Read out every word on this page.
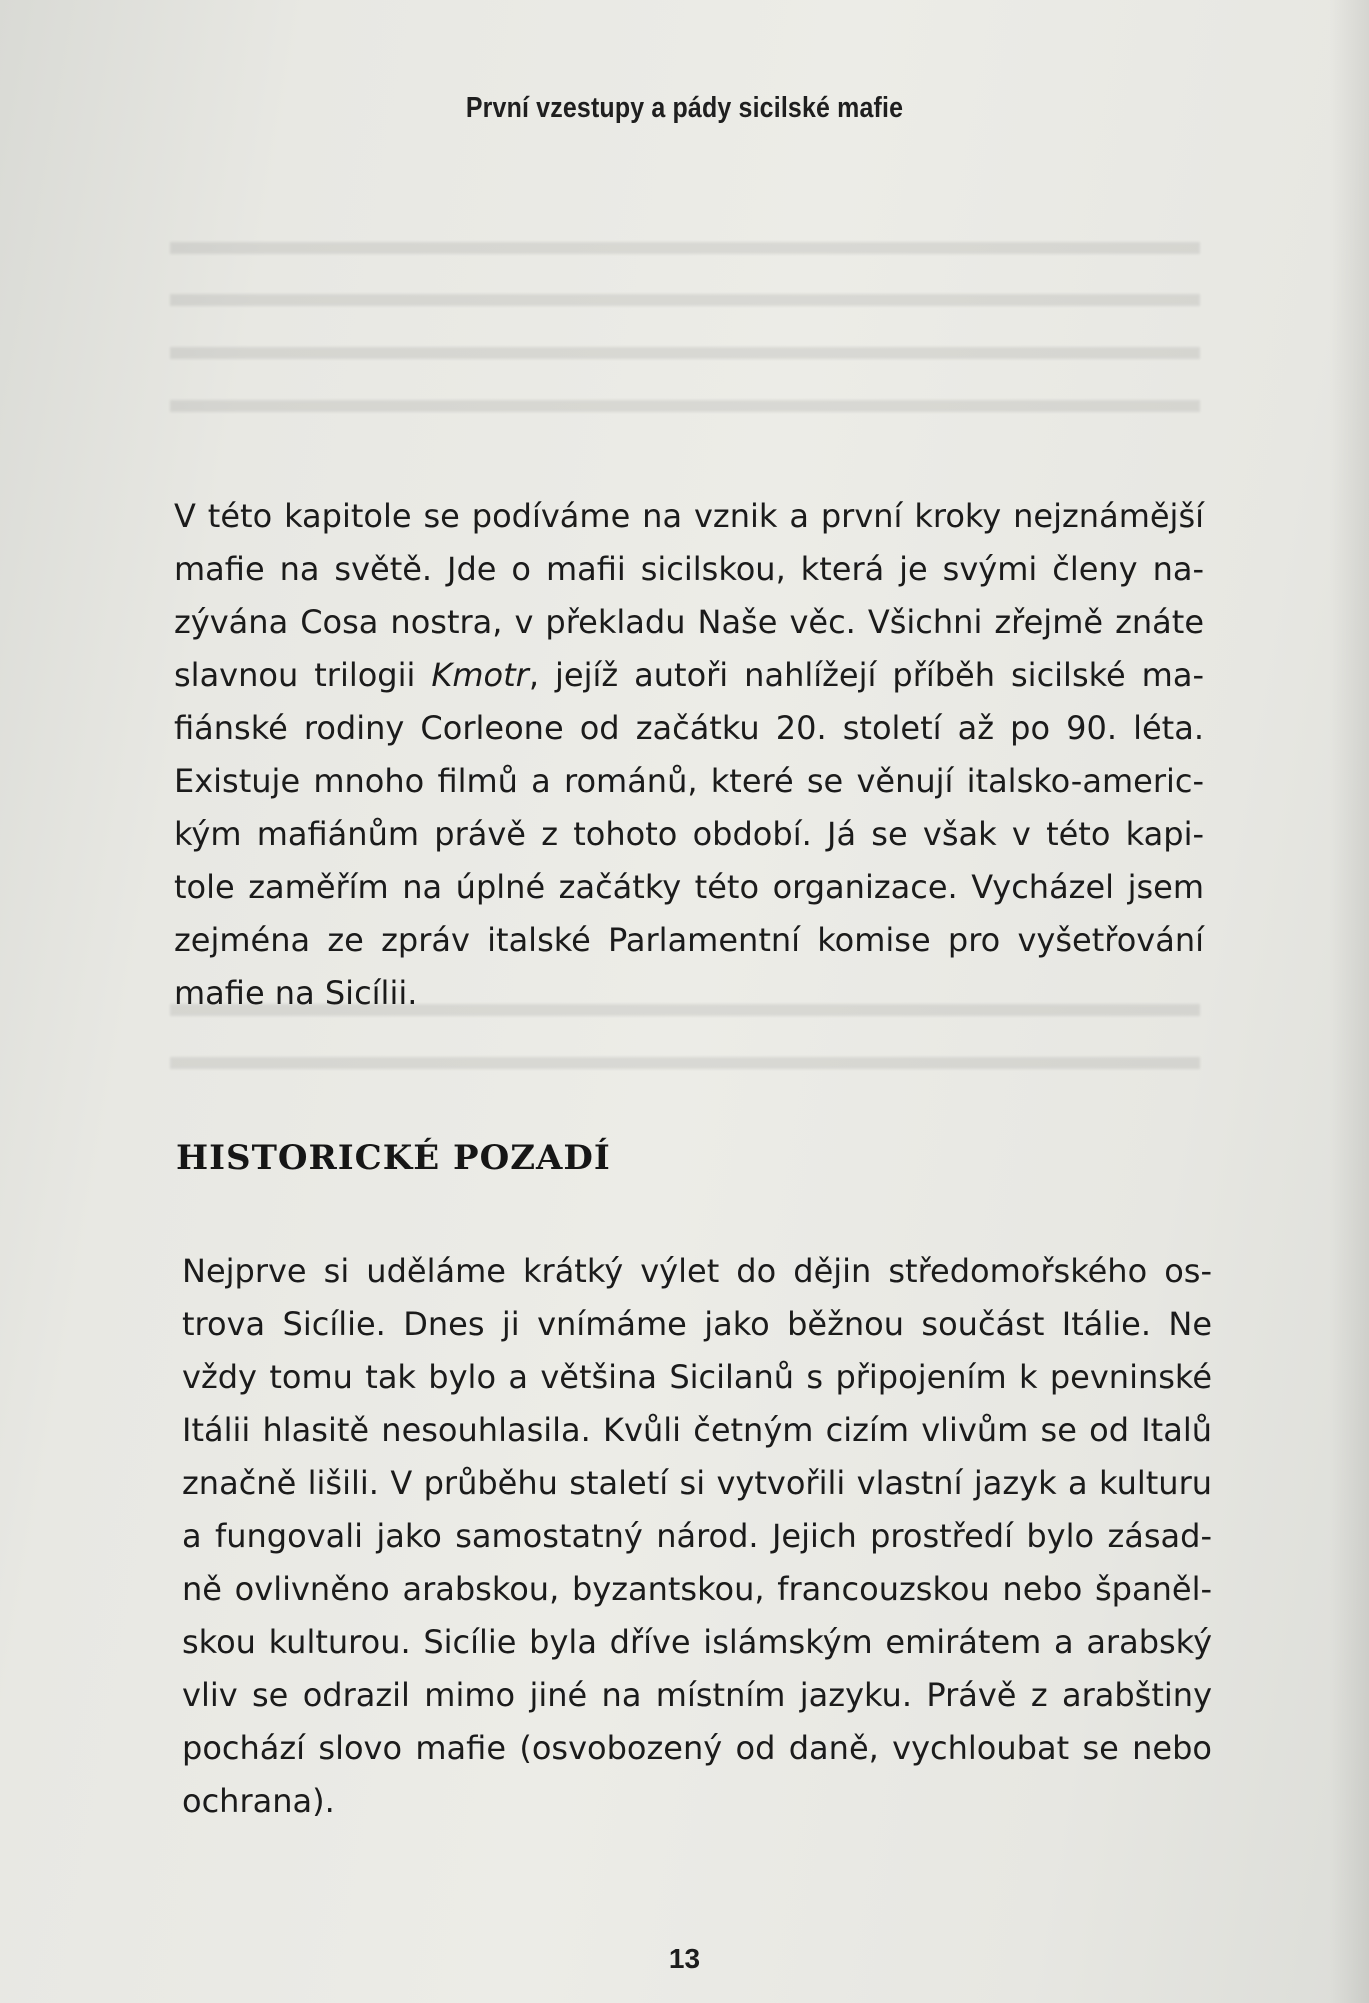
První vzestupy a pády sicilské mafie
V této kapitole se podíváme na vznik a první kroky nejznámější
mafie na světě. Jde o mafii sicilskou, která je svými členy na-
zývána Cosa nostra, v překladu Naše věc. Všichni zřejmě znáte
slavnou trilogii Kmotr, jejíž autoři nahlížejí příběh sicilské ma-
fiánské rodiny Corleone od začátku 20. století až po 90. léta.
Existuje mnoho filmů a románů, které se věnují italsko-americ-
kým mafiánům právě z tohoto období. Já se však v této kapi-
tole zaměřím na úplné začátky této organizace. Vycházel jsem
zejména ze zpráv italské Parlamentní komise pro vyšetřování
mafie na Sicílii.
HISTORICKÉ POZADÍ
Nejprve si uděláme krátký výlet do dějin středomořského os-
trova Sicílie. Dnes ji vnímáme jako běžnou součást Itálie. Ne
vždy tomu tak bylo a většina Sicilanů s připojením k pevninské
Itálii hlasitě nesouhlasila. Kvůli četným cizím vlivům se od Italů
značně lišili. V průběhu staletí si vytvořili vlastní jazyk a kulturu
a fungovali jako samostatný národ. Jejich prostředí bylo zásad-
ně ovlivněno arabskou, byzantskou, francouzskou nebo španěl-
skou kulturou. Sicílie byla dříve islámským emirátem a arabský
vliv se odrazil mimo jiné na místním jazyku. Právě z arabštiny
pochází slovo mafie (osvobozený od daně, vychloubat se nebo
ochrana).
13
